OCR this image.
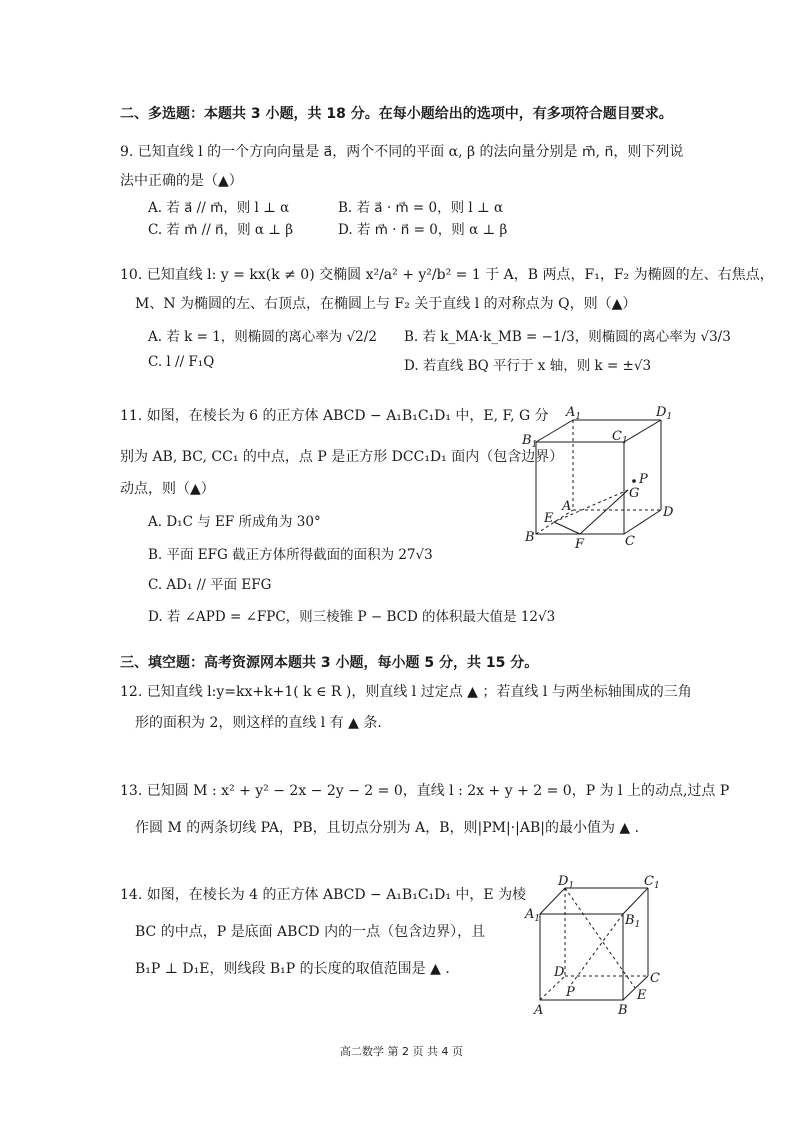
二、多选题：本题共 3 小题，共 18 分。在每小题给出的选项中，有多项符合题目要求。
9. 已知直线 l 的一个方向向量是 a⃗，两个不同的平面 α, β 的法向量分别是 m⃗, n⃗，则下列说
法中正确的是（▲）
A. 若 a⃗ // m⃗，则 l ⊥ α	B. 若 a⃗ · m⃗ = 0，则 l ⊥ α
C. 若 m⃗ // n⃗，则 α ⊥ β	D. 若 m⃗ · n⃗ = 0，则 α ⊥ β
10. 已知直线 l: y = kx(k ≠ 0) 交椭圆 x²/a² + y²/b² = 1 于 A，B 两点，F₁，F₂ 为椭圆的左、右焦点，
M、N 为椭圆的左、右顶点，在椭圆上与 F₂ 关于直线 l 的对称点为 Q，则（▲）
A. 若 k = 1，则椭圆的离心率为 √2/2 B. 若 k_MA·k_MB = −1/3，则椭圆的离心率为 √3/3
C. l // F₁Q	D. 若直线 BQ 平行于 x 轴，则 k = ±√3
11. 如图，在棱长为 6 的正方体 ABCD − A₁B₁C₁D₁ 中，E, F, G 分
别为 AB, BC, CC₁ 的中点，点 P 是正方形 DCC₁D₁ 面内（包含边界）
动点，则（▲）
A. D₁C 与 EF 所成角为 30°
B. 平面 EFG 截正方体所得截面的面积为 27√3
C. AD₁ // 平面 EFG
D. 若 ∠APD = ∠FPC，则三棱锥 P − BCD 的体积最大值是 12√3
$A_1$	$D_1$
$B_1$
$C_1$
P
G
A	D
E
B	F	C
三、填空题：高考资源网本题共 3 小题，每小题 5 分，共 15 分。
12. 已知直线 l:y=kx+k+1( k ∈ R )，则直线 l 过定点 ▲ ；若直线 l 与两坐标轴围成的三角
形的面积为 2，则这样的直线 l 有 ▲ 条.
13. 已知圆 M : x² + y² − 2x − 2y − 2 = 0，直线 l : 2x + y + 2 = 0，P 为 l 上的动点,过点 P
作圆 M 的两条切线 PA，PB，且切点分别为 A，B，则|PM|·|AB|的最小值为 ▲ .
14. 如图，在棱长为 4 的正方体 ABCD − A₁B₁C₁D₁ 中，E 为棱
BC 的中点，P 是底面 ABCD 内的一点（包含边界），且
B₁P ⊥ D₁E，则线段 B₁P 的长度的取值范围是 ▲ .
$D_1$	$C_1$
$A_1$	$B_1$
D	C
P	E
A	B
高二数学 第 2 页 共 4 页
